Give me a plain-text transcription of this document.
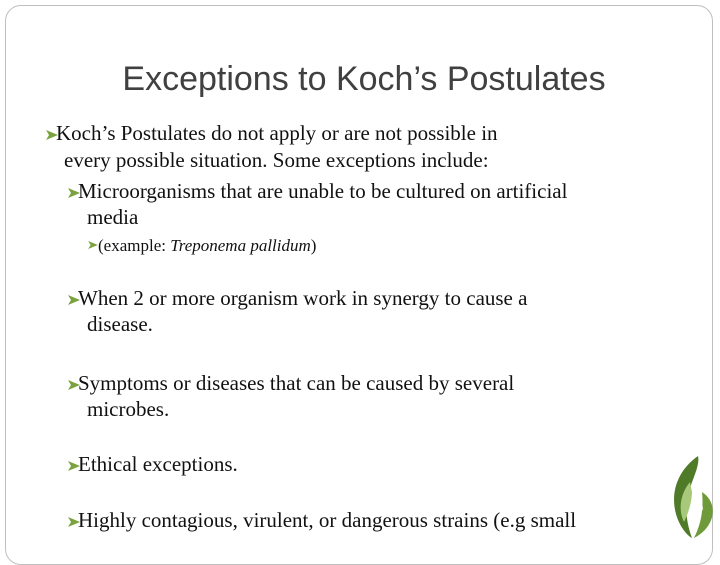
Exceptions to Koch’s Postulates
Koch’s Postulates do not apply or are not possible in
every possible situation. Some exceptions include:
Microorganisms that are unable to be cultured on artificial
media
(example: Treponema pallidum)
When 2 or more organism work in synergy to cause a
disease.
Symptoms or diseases that can be caused by several
microbes.
Ethical exceptions.
Highly contagious, virulent, or dangerous strains (e.g small
